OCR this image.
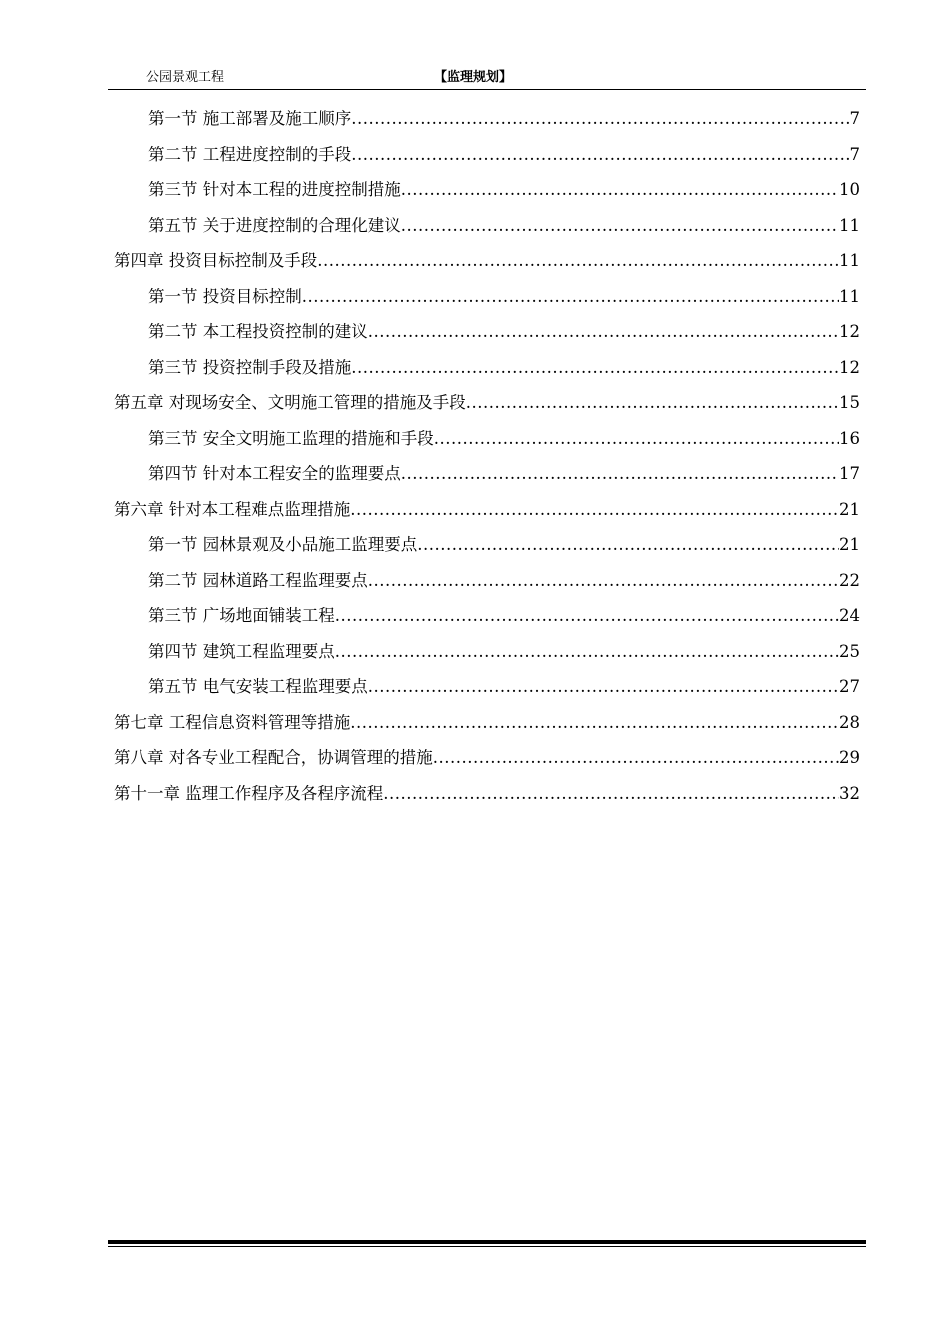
公园景观工程	【监理规划】
第一节 施工部署及施工顺序 .....	7
第二节 工程进度控制的手段 .....	7
第三节 针对本工程的进度控制措施 .....	10
第五节 关于进度控制的合理化建议 .....	11
第四章 投资目标控制及手段 .....	11
第一节 投资目标控制 .....	11
第二节 本工程投资控制的建议 .....	12
第三节 投资控制手段及措施 .....	12
第五章 对现场安全、文明施工管理的措施及手段 .....	15
第三节 安全文明施工监理的措施和手段 .....	16
第四节 针对本工程安全的监理要点 .....	17
第六章 针对本工程难点监理措施 .....	21
第一节 园林景观及小品施工监理要点 .....	21
第二节 园林道路工程监理要点 .....	22
第三节 广场地面铺装工程 .....	24
第四节 建筑工程监理要点 .....	25
第五节 电气安装工程监理要点 .....	27
第七章 工程信息资料管理等措施 .....	28
第八章 对各专业工程配合，协调管理的措施 .....	29
第十一章 监理工作程序及各程序流程 .....	32
